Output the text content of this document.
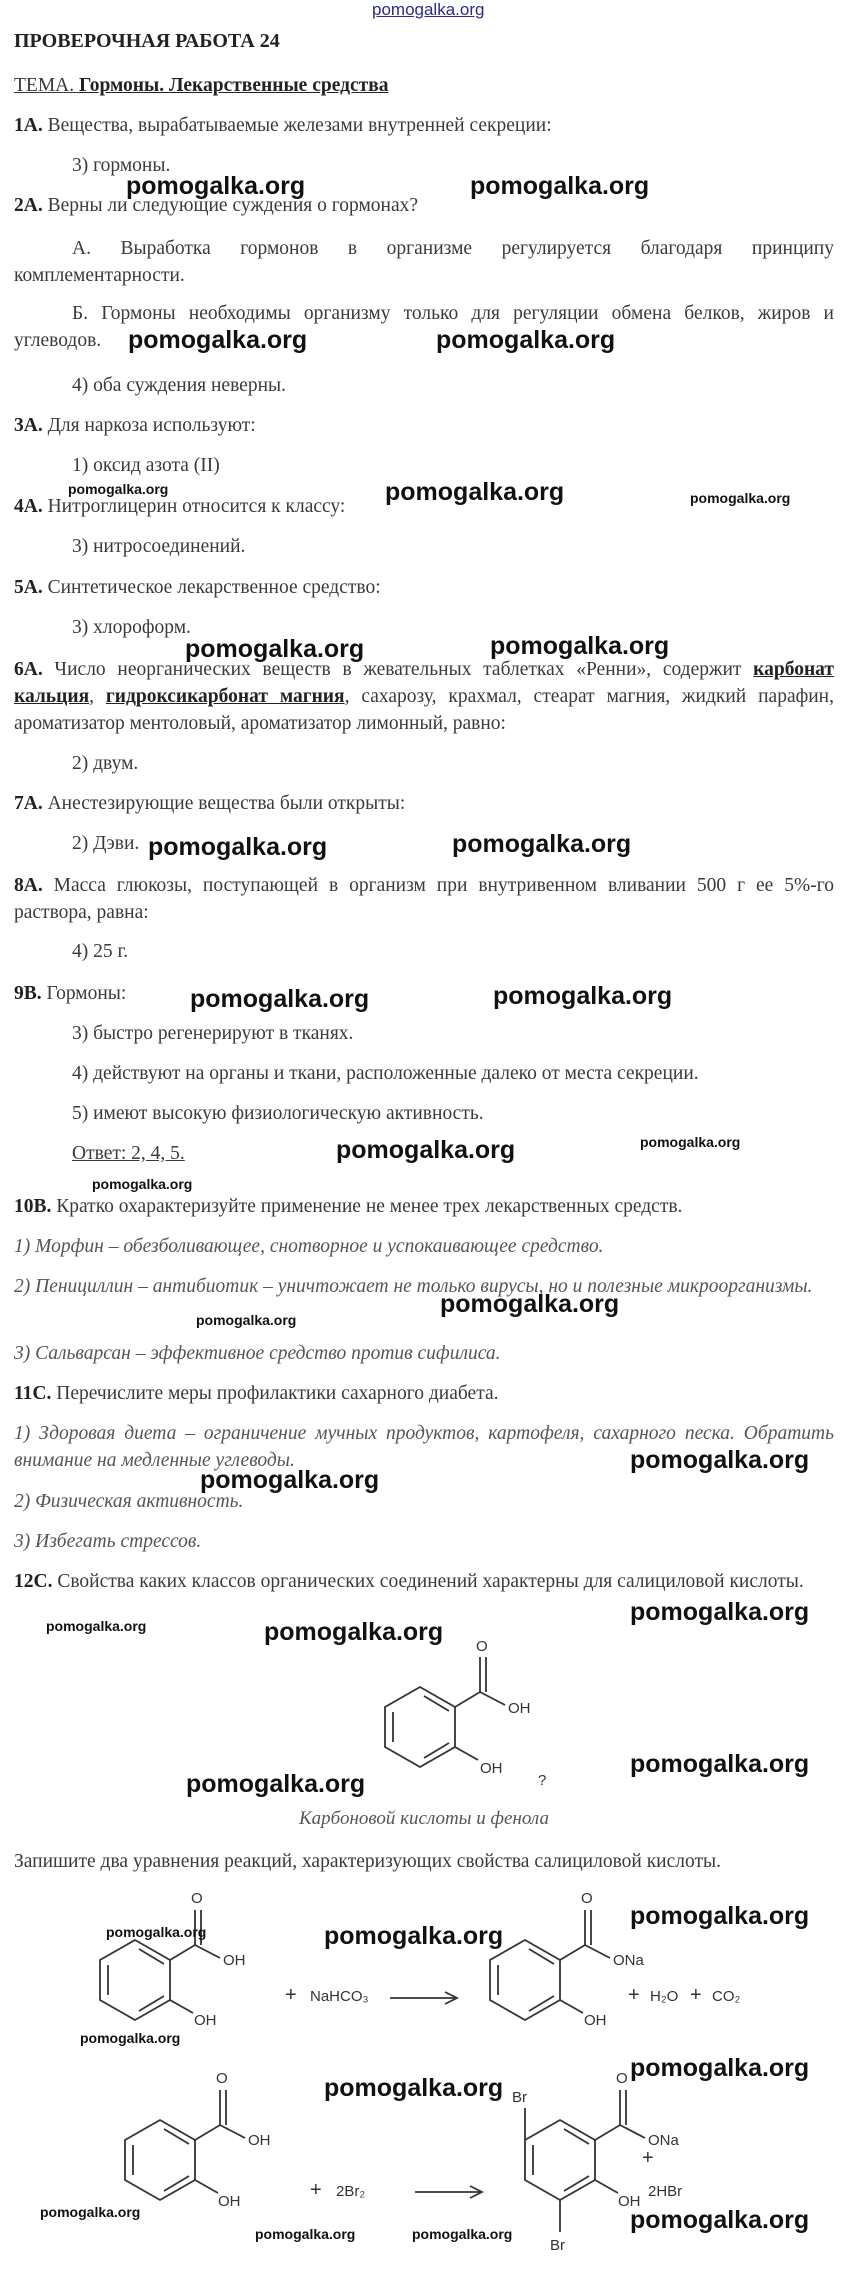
pomogalka.org
ПРОВЕРОЧНАЯ РАБОТА 24
ТЕМА. Гормоны. Лекарственные средства
1А. Вещества, вырабатываемые железами внутренней секреции:
3) гормоны.
2А. Верны ли следующие суждения о гормонах?
А. Выработка гормонов в организме регулируется благодаря принципу комплементарности.
Б. Гормоны необходимы организму только для регуляции обмена белков, жиров и углеводов.
4) оба суждения неверны.
3А. Для наркоза используют:
1) оксид азота (II)
4А. Нитроглицерин относится к классу:
3) нитросоединений.
5А. Синтетическое лекарственное средство:
3) хлороформ.
6А. Число неорганических веществ в жевательных таблетках «Ренни», содержит карбонат кальция, гидроксикарбонат магния, сахарозу, крахмал, стеарат магния, жидкий парафин, ароматизатор ментоловый, ароматизатор лимонный, равно:
2) двум.
7А. Анестезирующие вещества были открыты:
2) Дэви.
8А. Масса глюкозы, поступающей в организм при внутривенном вливании 500 г ее 5%-го раствора, равна:
4) 25 г.
9В. Гормоны:
3) быстро регенерируют в тканях.
4) действуют на органы и ткани, расположенные далеко от места секреции.
5) имеют высокую физиологическую активность.
Ответ: 2, 4, 5.
10В. Кратко охарактеризуйте применение не менее трех лекарственных средств.
1) Морфин – обезболивающее, снотворное и успокаивающее средство.
2) Пенициллин – антибиотик – уничтожает не только вирусы, но и полезные микроорганизмы.
3) Сальварсан – эффективное средство против сифилиса.
11С. Перечислите меры профилактики сахарного диабета.
1) Здоровая диета – ограничение мучных продуктов, картофеля, сахарного песка. Обратить внимание на медленные углеводы.
2) Физическая активность.
3) Избегать стрессов.
12С. Свойства каких классов органических соединений характерны для салициловой кислоты.
O
OH
OH
?
Карбоновой кислоты и фенола
Запишите два уравнения реакций, характеризующих свойства салициловой кислоты.
O
OH
OH
+ NaHCO₃
O
ONa
OH
+ H₂O + CO₂
O
OH
OH
+ 2Br₂
Br
O
ONa
OH
Br
+
2HBr
pomogalka.org	pomogalka.org
pomogalka.org	pomogalka.org
pomogalka.org	pomogalka.org	pomogalka.org
pomogalka.org	pomogalka.org
pomogalka.org	pomogalka.org
pomogalka.org	pomogalka.org
pomogalka.org	pomogalka.org
pomogalka.org
pomogalka.org
pomogalka.org
pomogalka.org
pomogalka.org
pomogalka.org	pomogalka.org
pomogalka.org
pomogalka.org
pomogalka.org
pomogalka.org
pomogalka.org	pomogalka.org
pomogalka.org
pomogalka.org
pomogalka.org
pomogalka.org	pomogalka.org
pomogalka.org	pomogalka.org
